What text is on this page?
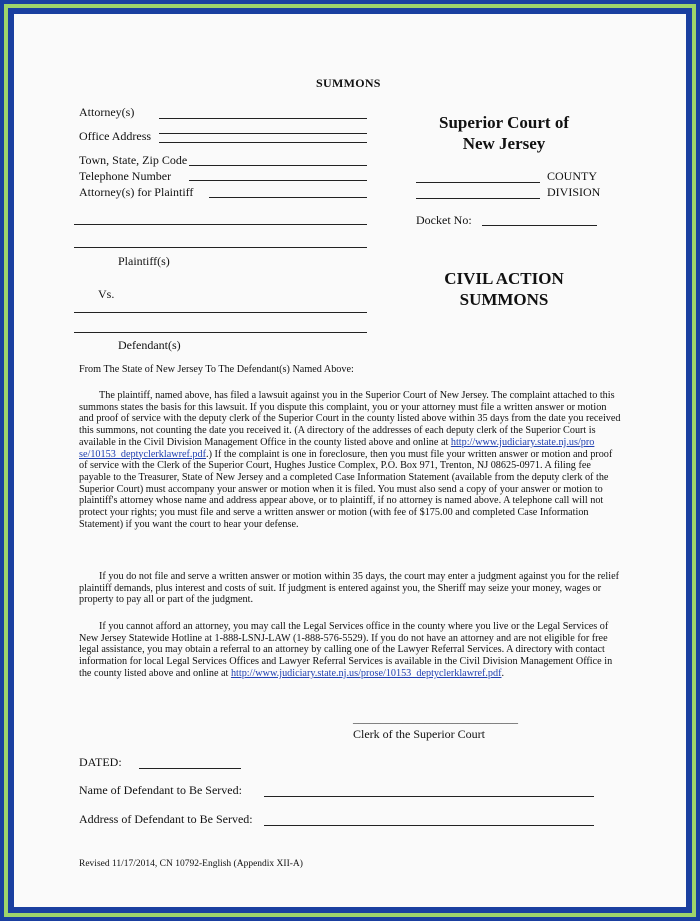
SUMMONS
Attorney(s)
Office Address
Town, State, Zip Code
Telephone Number
Attorney(s) for Plaintiff
Plaintiff(s)
Vs.
Defendant(s)
Superior Court of
New Jersey
COUNTY
DIVISION
Docket No:
CIVIL ACTION
SUMMONS
From The State of New Jersey To The Defendant(s) Named Above:
The plaintiff, named above, has filed a lawsuit against you in the Superior Court of New Jersey. The complaint attached to this summons states the basis for this lawsuit. If you dispute this complaint, you or your attorney must file a written answer or motion and proof of service with the deputy clerk of the Superior Court in the county listed above within 35 days from the date you received this summons, not counting the date you received it. (A directory of the addresses of each deputy clerk of the Superior Court is available in the Civil Division Management Office in the county listed above and online at http://www.judiciary.state.nj.us/pro se/10153_deptyclerklawref.pdf.) If the complaint is one in foreclosure, then you must file your written answer or motion and proof of service with the Clerk of the Superior Court, Hughes Justice Complex, P.O. Box 971, Trenton, NJ 08625-0971. A filing fee payable to the Treasurer, State of New Jersey and a completed Case Information Statement (available from the deputy clerk of the Superior Court) must accompany your answer or motion when it is filed. You must also send a copy of your answer or motion to plaintiff's attorney whose name and address appear above, or to plaintiff, if no attorney is named above. A telephone call will not protect your rights; you must file and serve a written answer or motion (with fee of $175.00 and completed Case Information Statement) if you want the court to hear your defense.
If you do not file and serve a written answer or motion within 35 days, the court may enter a judgment against you for the relief plaintiff demands, plus interest and costs of suit. If judgment is entered against you, the Sheriff may seize your money, wages or property to pay all or part of the judgment.
If you cannot afford an attorney, you may call the Legal Services office in the county where you live or the Legal Services of New Jersey Statewide Hotline at 1-888-LSNJ-LAW (1-888-576-5529). If you do not have an attorney and are not eligible for free legal assistance, you may obtain a referral to an attorney by calling one of the Lawyer Referral Services. A directory with contact information for local Legal Services Offices and Lawyer Referral Services is available in the Civil Division Management Office in the county listed above and online at http://www.judiciary.state.nj.us/prose/10153_deptyclerklawref.pdf.
______________________________
Clerk of the Superior Court
DATED:
Name of Defendant to Be Served:
Address of Defendant to Be Served:
Revised 11/17/2014, CN 10792-English (Appendix XII-A)
